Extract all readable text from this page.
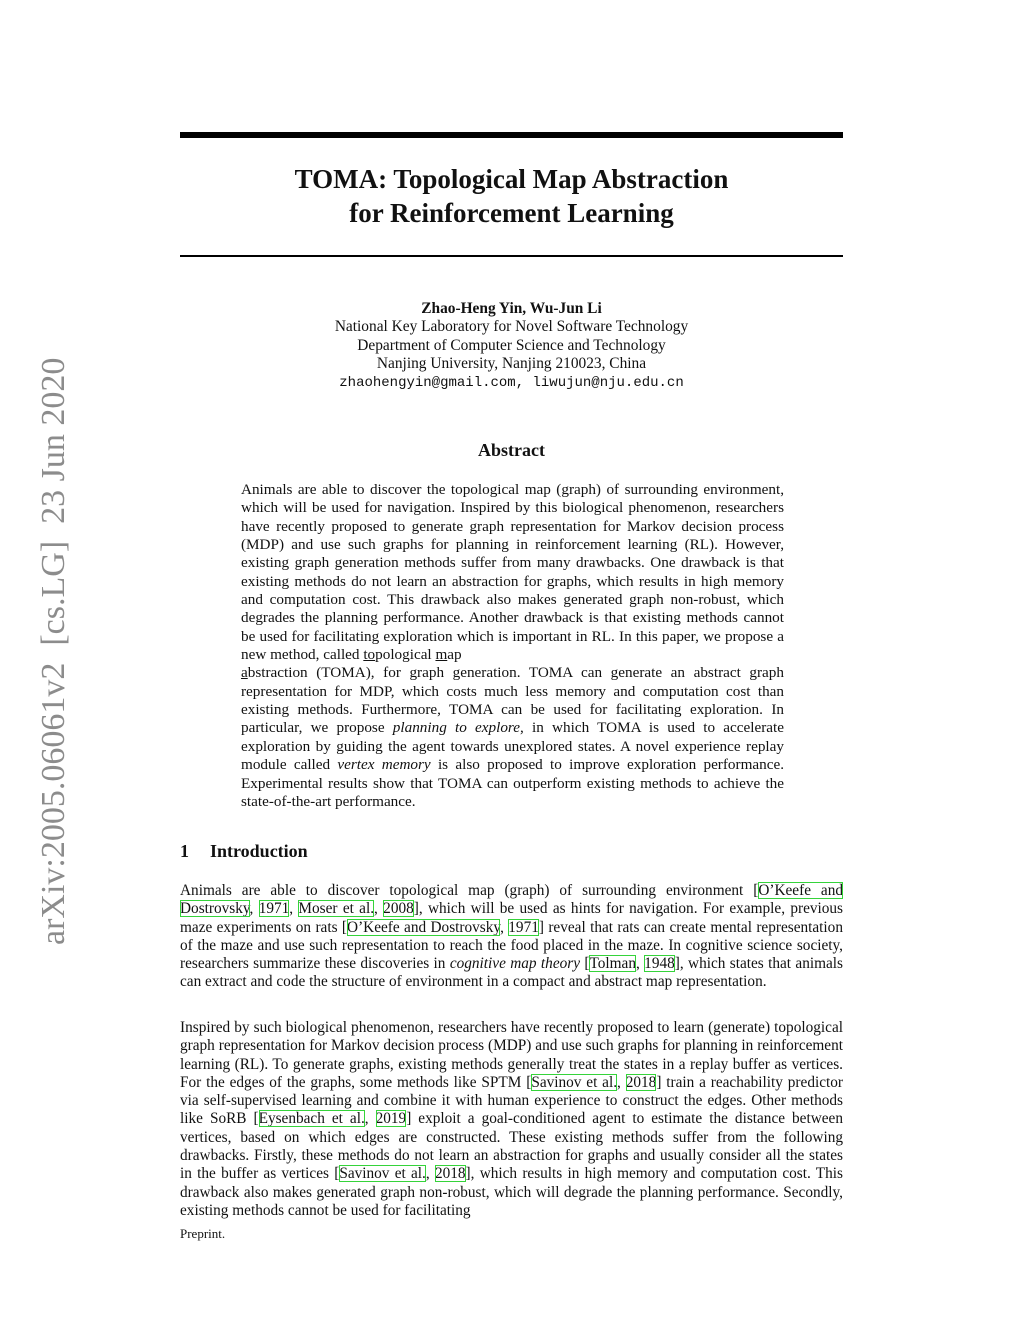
arXiv:2005.06061v2  [cs.LG]  23 Jun 2020
TOMA: Topological Map Abstraction
for Reinforcement Learning
Zhao-Heng Yin, Wu-Jun Li
National Key Laboratory for Novel Software Technology
Department of Computer Science and Technology
Nanjing University, Nanjing 210023, China
zhaohengyin@gmail.com, liwujun@nju.edu.cn
Abstract
Animals are able to discover the topological map (graph) of surrounding environment, which will be used for navigation. Inspired by this biological phenomenon, researchers have recently proposed to generate graph representation for Markov decision process (MDP) and use such graphs for planning in reinforcement learning (RL). However, existing graph generation methods suffer from many drawbacks. One drawback is that existing methods do not learn an abstraction for graphs, which results in high memory and computation cost. This drawback also makes generated graph non-robust, which degrades the planning performance. Another drawback is that existing methods cannot be used for facilitating exploration which is important in RL. In this paper, we propose a new method, called topological map
abstraction (TOMA), for graph generation. TOMA can generate an abstract graph representation for MDP, which costs much less memory and computation cost than existing methods. Furthermore, TOMA can be used for facilitating exploration. In particular, we propose planning to explore, in which TOMA is used to accelerate exploration by guiding the agent towards unexplored states. A novel experience replay module called vertex memory is also proposed to improve exploration performance. Experimental results show that TOMA can outperform existing methods to achieve the state-of-the-art performance.
1 Introduction
Animals are able to discover topological map (graph) of surrounding environment [O’Keefe and Dostrovsky, 1971, Moser et al., 2008], which will be used as hints for navigation. For example, previous maze experiments on rats [O’Keefe and Dostrovsky, 1971] reveal that rats can create mental representation of the maze and use such representation to reach the food placed in the maze. In cognitive science society, researchers summarize these discoveries in cognitive map theory [Tolman, 1948], which states that animals can extract and code the structure of environment in a compact and abstract map representation.
Inspired by such biological phenomenon, researchers have recently proposed to learn (generate) topological graph representation for Markov decision process (MDP) and use such graphs for planning in reinforcement learning (RL). To generate graphs, existing methods generally treat the states in a replay buffer as vertices. For the edges of the graphs, some methods like SPTM [Savinov et al., 2018] train a reachability predictor via self-supervised learning and combine it with human experience to construct the edges. Other methods like SoRB [Eysenbach et al., 2019] exploit a goal-conditioned agent to estimate the distance between vertices, based on which edges are constructed. These existing methods suffer from the following drawbacks. Firstly, these methods do not learn an abstraction for graphs and usually consider all the states in the buffer as vertices [Savinov et al., 2018], which results in high memory and computation cost. This drawback also makes generated graph non-robust, which will degrade the planning performance. Secondly, existing methods cannot be used for facilitating
Preprint.
